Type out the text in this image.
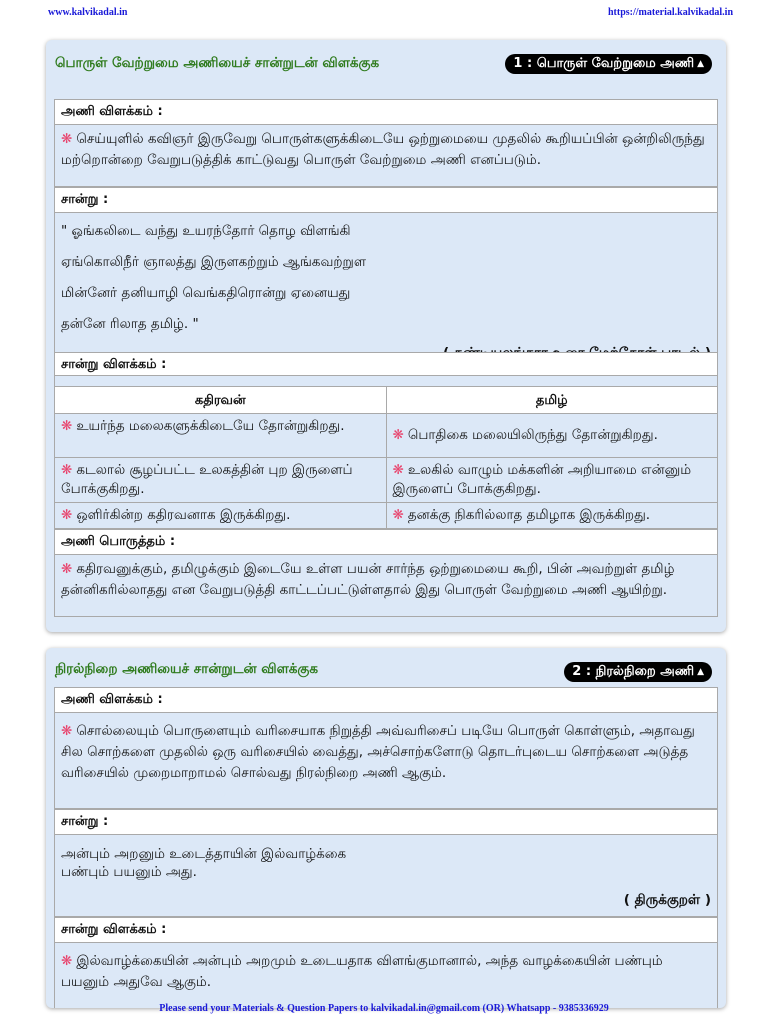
www.kalvikadal.in	https://material.kalvikadal.in
பொருள் வேற்றுமை அணியைச் சான்றுடன் விளக்குக	1 : பொருள் வேற்றுமை அணி ▲
அணி விளக்கம் :
❋ செய்யுளில் கவிஞர் இருவேறு பொருள்களுக்கிடையே ஒற்றுமையை முதலில் கூறியப்பின் ஒன்றிலிருந்து மற்றொன்றை வேறுபடுத்திக் காட்டுவது பொருள் வேற்றுமை அணி எனப்படும்.
சான்று :
" ஓங்கலிடை வந்து உயரந்தோர் தொழ விளங்கி
ஏங்கொலிநீர் ஞாலத்து இருளகற்றும் ஆங்கவற்றுள
மின்னேர் தனியாழி வெங்கதிரொன்று ஏனையது
தன்னே ரிலாத தமிழ். "
சான்று விளக்கம் :
கதிரவன்	தமிழ்
❋ உயர்ந்த மலைகளுக்கிடையே தோன்றுகிறது.	❋ பொதிகை மலையிலிருந்து தோன்றுகிறது.
❋ கடலால் சூழப்பட்ட உலகத்தின் புற இருளைப் போக்குகிறது.	❋ உலகில் வாழும் மக்களின் அறியாமை என்னும் இருளைப் போக்குகிறது.
❋ ஒளிர்கின்ற கதிரவனாக இருக்கிறது.	❋ தனக்கு நிகரில்லாத தமிழாக இருக்கிறது.
அணி பொருத்தம் :
❋ கதிரவனுக்கும், தமிழுக்கும் இடையே உள்ள பயன் சார்ந்த ஒற்றுமையை கூறி, பின் அவற்றுள் தமிழ் தன்னிகரில்லாதது என வேறுபடுத்தி காட்டப்பட்டுள்ளதால் இது பொருள் வேற்றுமை அணி ஆயிற்று.
நிரல்நிறை அணியைச் சான்றுடன் விளக்குக	2 : நிரல்நிறை அணி ▲
அணி விளக்கம் :
❋ சொல்லையும் பொருளையும் வரிசையாக நிறுத்தி அவ்வரிசைப் படியே பொருள் கொள்ளும், அதாவது சில சொற்களை முதலில் ஒரு வரிசையில் வைத்து, அச்சொற்களோடு தொடர்புடைய சொற்களை அடுத்த வரிசையில் முறைமாறாமல் சொல்வது நிரல்நிறை அணி ஆகும்.
சான்று :
அன்பும் அறனும் உடைத்தாயின் இல்வாழ்க்கை
பண்பும் பயனும் அது.
( திருக்குறள் )
சான்று விளக்கம் :
❋ இல்வாழ்க்கையின் அன்பும் அறமும் உடையதாக விளங்குமானால், அந்த வாழக்கையின் பண்பும் பயனும் அதுவே ஆகும்.
Please send your Materials & Question Papers to kalvikadal.in@gmail.com (OR) Whatsapp - 9385336929
